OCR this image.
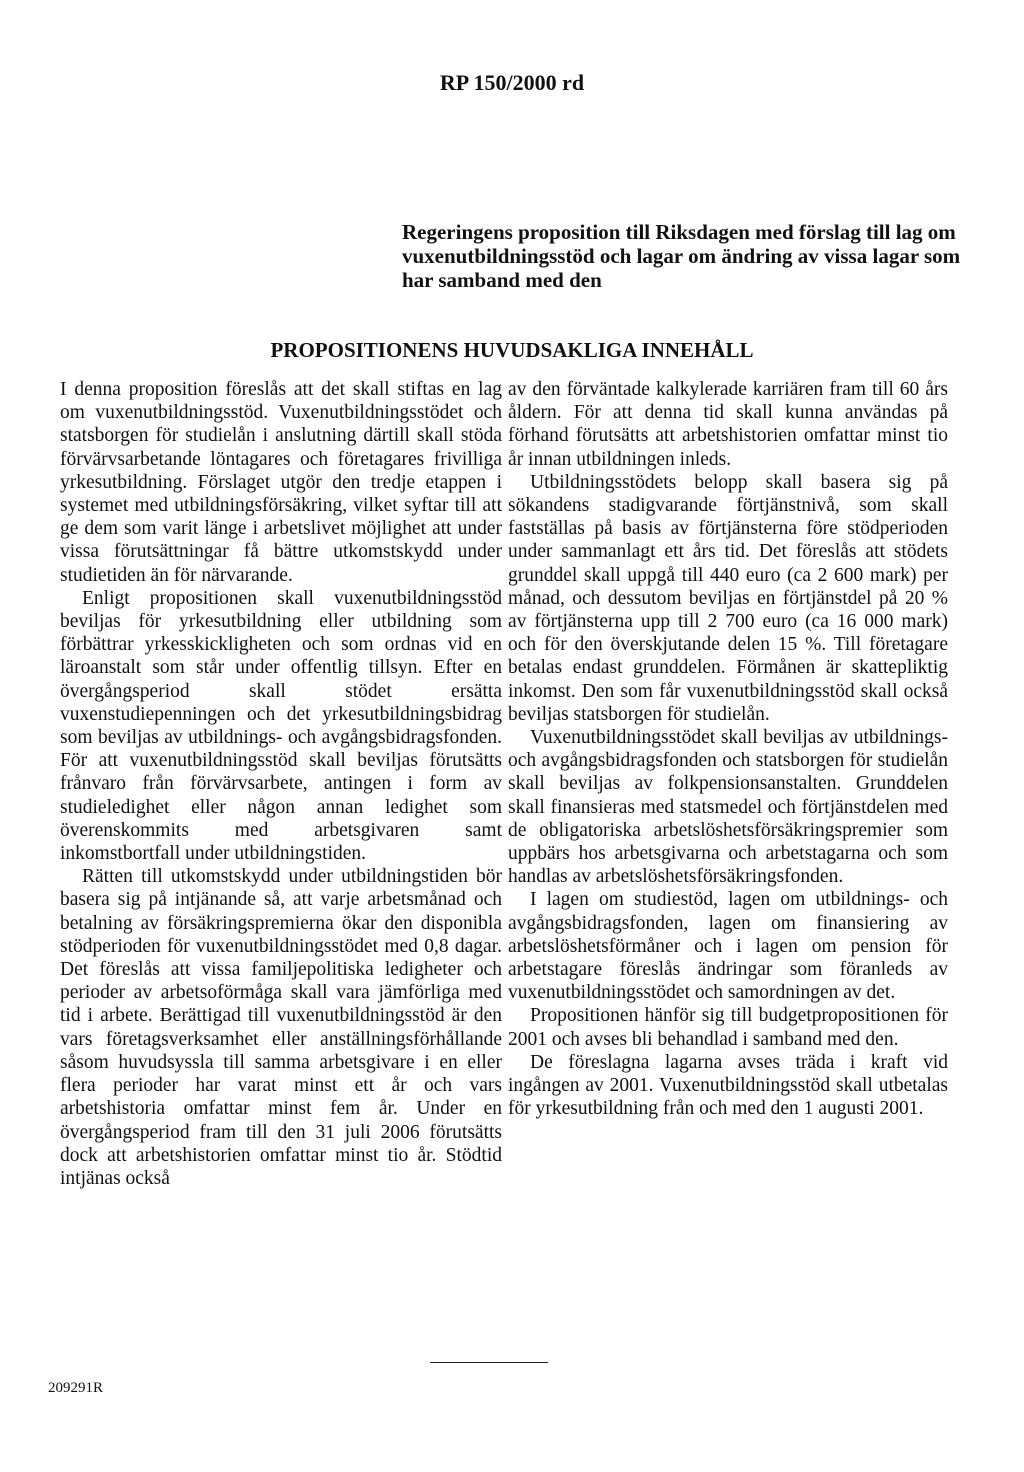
RP 150/2000 rd
Regeringens proposition till Riksdagen med förslag till lag om vuxenutbildningsstöd och lagar om ändring av vissa lagar som har samband med den
PROPOSITIONENS HUVUDSAKLIGA INNEHÅLL

I denna proposition föreslås att det skall stiftas en lag om vuxenutbildningsstöd. Vuxenutbildningsstödet och statsborgen för studielån i anslutning därtill skall stöda förvärvsarbetande löntagares och företagares frivilliga yrkesutbildning. Förslaget utgör den tredje etappen i systemet med utbildningsförsäkring, vilket syftar till att ge dem som varit länge i arbetslivet möjlighet att under vissa förutsättningar få bättre utkomstskydd under studietiden än för närvarande.

Enligt propositionen skall vuxenutbildningsstöd beviljas för yrkesutbildning eller utbildning som förbättrar yrkesskickligheten och som ordnas vid en läroanstalt som står under offentlig tillsyn. Efter en övergångsperiod skall stödet ersätta vuxenstudiepenningen och det yrkesutbildningsbidrag som beviljas av utbildnings- och avgångsbidragsfonden. För att vuxenutbildningsstöd skall beviljas förutsätts frånvaro från förvärvsarbete, antingen i form av studieledighet eller någon annan ledighet som överenskommits med arbetsgivaren samt inkomstbortfall under utbildningstiden.

Rätten till utkomstskydd under utbildningstiden bör basera sig på intjänande så, att varje arbetsmånad och betalning av försäkringspremierna ökar den disponibla stödperioden för vuxenutbildningsstödet med 0,8 dagar. Det föreslås att vissa familjepolitiska ledigheter och perioder av arbetsoförmåga skall vara jämförliga med tid i arbete. Berättigad till vuxenutbildningsstöd är den vars företagsverksamhet eller anställningsförhållande såsom huvudsyssla till samma arbetsgivare i en eller flera perioder har varat minst ett år och vars arbetshistoria omfattar minst fem år. Under en övergångsperiod fram till den 31 juli 2006 förutsätts dock att arbetshistorien omfattar minst tio år. Stödtid intjänas också

av den förväntade kalkylerade karriären fram till 60 års åldern. För att denna tid skall kunna användas på förhand förutsätts att arbetshistorien omfattar minst tio år innan utbildningen inleds.

Utbildningsstödets belopp skall basera sig på sökandens stadigvarande förtjänstnivå, som skall fastställas på basis av förtjänsterna före stödperioden under sammanlagt ett års tid. Det föreslås att stödets grunddel skall uppgå till 440 euro (ca 2 600 mark) per månad, och dessutom beviljas en förtjänstdel på 20 % av förtjänsterna upp till 2 700 euro (ca 16 000 mark) och för den överskjutande delen 15 %. Till företagare betalas endast grunddelen. Förmånen är skattepliktig inkomst. Den som får vuxenutbildningsstöd skall också beviljas statsborgen för studielån.

Vuxenutbildningsstödet skall beviljas av utbildnings- och avgångsbidragsfonden och statsborgen för studielån skall beviljas av folkpensionsanstalten. Grunddelen skall finansieras med statsmedel och förtjänstdelen med de obligatoriska arbetslöshetsförsäkringspremier som uppbärs hos arbetsgivarna och arbetstagarna och som handlas av arbetslöshetsförsäkringsfonden.

I lagen om studiestöd, lagen om utbildnings- och avgångsbidragsfonden, lagen om finansiering av arbetslöshetsförmåner och i lagen om pension för arbetstagare föreslås ändringar som föranleds av vuxenutbildningsstödet och samordningen av det.

Propositionen hänför sig till budgetpropositionen för 2001 och avses bli behandlad i samband med den.

De föreslagna lagarna avses träda i kraft vid ingången av 2001. Vuxenutbildningsstöd skall utbetalas för yrkesutbildning från och med den 1 augusti 2001.

209291R
